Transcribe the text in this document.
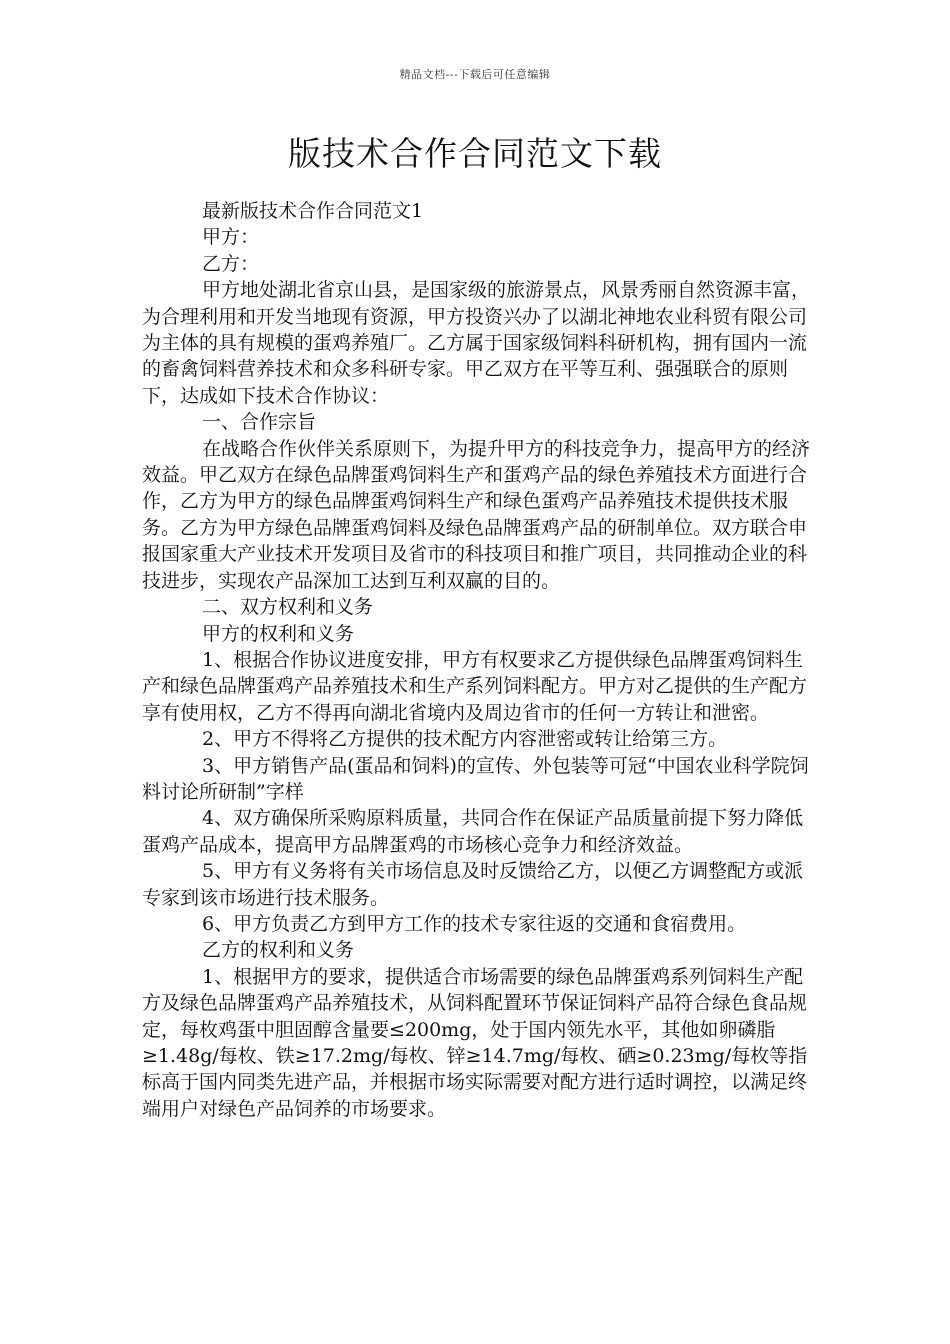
精品文档---下载后可任意编辑
版技术合作合同范文下载

最新版技术合作合同范文1

甲方：

乙方：

甲方地处湖北省京山县，是国家级的旅游景点，风景秀丽自然资源丰富，为合理利用和开发当地现有资源，甲方投资兴办了以湖北神地农业科贸有限公司为主体的具有规模的蛋鸡养殖厂。乙方属于国家级饲料科研机构，拥有国内一流的畜禽饲料营养技术和众多科研专家。甲乙双方在平等互利、强强联合的原则下，达成如下技术合作协议：

一、合作宗旨

在战略合作伙伴关系原则下，为提升甲方的科技竞争力，提高甲方的经济效益。甲乙双方在绿色品牌蛋鸡饲料生产和蛋鸡产品的绿色养殖技术方面进行合作，乙方为甲方的绿色品牌蛋鸡饲料生产和绿色蛋鸡产品养殖技术提供技术服务。乙方为甲方绿色品牌蛋鸡饲料及绿色品牌蛋鸡产品的研制单位。双方联合申报国家重大产业技术开发项目及省市的科技项目和推广项目，共同推动企业的科技进步，实现农产品深加工达到互利双赢的目的。

二、双方权利和义务

甲方的权利和义务

1、根据合作协议进度安排，甲方有权要求乙方提供绿色品牌蛋鸡饲料生产和绿色品牌蛋鸡产品养殖技术和生产系列饲料配方。甲方对乙提供的生产配方享有使用权，乙方不得再向湖北省境内及周边省市的任何一方转让和泄密。

2、甲方不得将乙方提供的技术配方内容泄密或转让给第三方。

3、甲方销售产品(蛋品和饲料)的宣传、外包装等可冠“中国农业科学院饲料讨论所研制”字样

4、双方确保所采购原料质量，共同合作在保证产品质量前提下努力降低蛋鸡产品成本，提高甲方品牌蛋鸡的市场核心竞争力和经济效益。

5、甲方有义务将有关市场信息及时反馈给乙方，以便乙方调整配方或派专家到该市场进行技术服务。

6、甲方负责乙方到甲方工作的技术专家往返的交通和食宿费用。

乙方的权利和义务

1、根据甲方的要求，提供适合市场需要的绿色品牌蛋鸡系列饲料生产配方及绿色品牌蛋鸡产品养殖技术，从饲料配置环节保证饲料产品符合绿色食品规定，每枚鸡蛋中胆固醇含量要≤200mg，处于国内领先水平，其他如卵磷脂≥1.48g/每枚、铁≥17.2mg/每枚、锌≥14.7mg/每枚、硒≥0.23mg/每枚等指标高于国内同类先进产品，并根据市场实际需要对配方进行适时调控，以满足终端用户对绿色产品饲养的市场要求。
